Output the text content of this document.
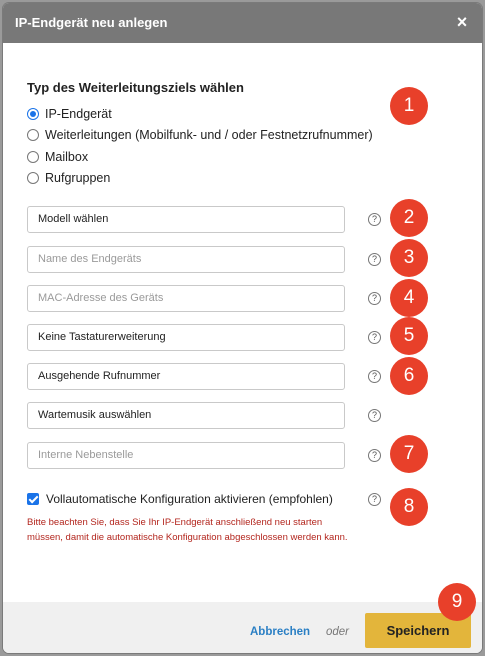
IP-Endgerät neu anlegen	×
Typ des Weiterleitungsziels wählen
IP-Endgerät
Weiterleitungen (Mobilfunk- und / oder Festnetzrufnummer)
Mailbox
Rufgruppen
1
Modell wählen	?	2
Name des Endgeräts	?	3
MAC-Adresse des Geräts	?	4
Keine Tastaturerweiterung	?	5
Ausgehende Rufnummer	?	6
Wartemusik auswählen	?
Interne Nebenstelle	?	7
Vollautomatische Konfiguration aktivieren (empfohlen)	?	8
Bitte beachten Sie, dass Sie Ihr IP-Endgerät anschließend neu starten müssen, damit die automatische Konfiguration abgeschlossen werden kann.
Abbrechen oder	Speichern
9
